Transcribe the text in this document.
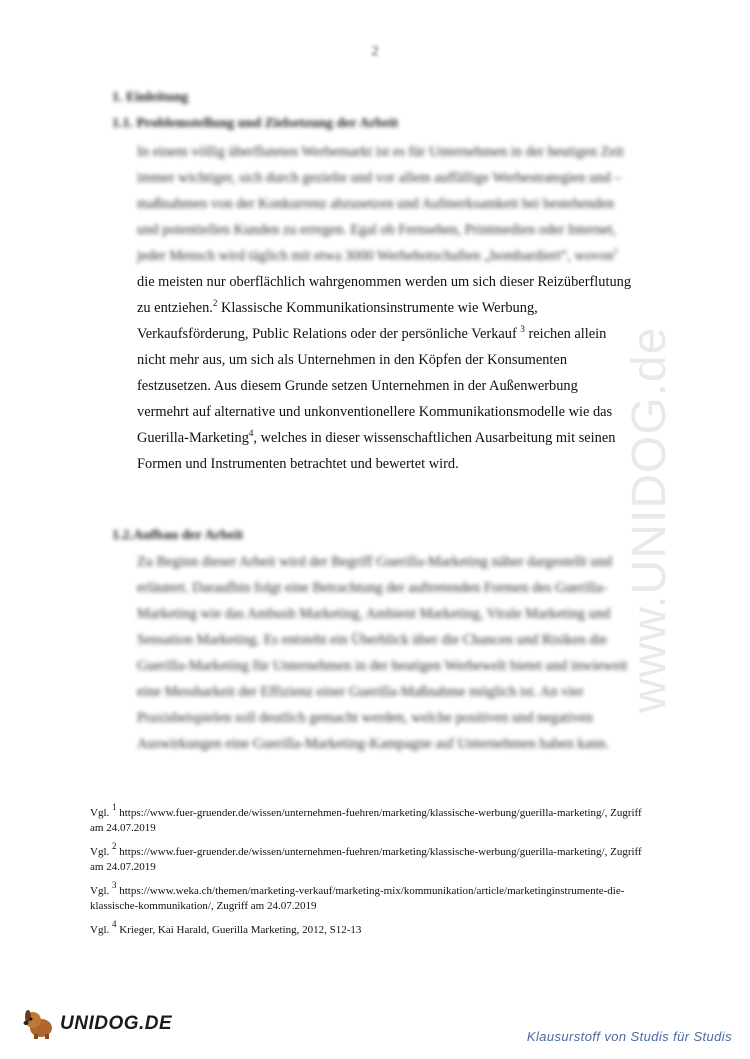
2
1. Einleitung
1.1. Problemstellung und Zielsetzung der Arbeit
In einem völlig überfluteten Werbemarkt ist es für Unternehmen in der heutigen Zeit
immer wichtiger, sich durch gezielte und vor allem auffällige Werbestrategien und –
maßnahmen von der Konkurrenz abzusetzen und Aufmerksamkeit bei bestehenden
und potentiellen Kunden zu erregen. Egal ob Fernsehen, Printmedien oder Internet,
jeder Mensch wird täglich mit etwa 3000 Werbebotschaften „bombardiert“, wovon$^1$
die meisten nur oberflächlich wahrgenommen werden um sich dieser Reizüberflutung
zu entziehen.$^2$ Klassische Kommunikationsinstrumente wie Werbung,
Verkaufsförderung, Public Relations oder der persönliche Verkauf $^3$ reichen allein
nicht mehr aus, um sich als Unternehmen in den Köpfen der Konsumenten
festzusetzen. Aus diesem Grunde setzen Unternehmen in der Außenwerbung
vermehrt auf alternative und unkonventionellere Kommunikationsmodelle wie das
Guerilla-Marketing$^4$, welches in dieser wissenschaftlichen Ausarbeitung mit seinen
Formen und Instrumenten betrachtet und bewertet wird.
1.2.Aufbau der Arbeit
Zu Beginn dieser Arbeit wird der Begriff Guerilla-Marketing näher dargestellt und
erläutert. Daraufhin folgt eine Betrachtung der auftretenden Formen des Guerilla-
Marketing wie das Ambush Marketing, Ambient Marketing, Virale Marketing und
Sensation Marketing. Es entsteht ein Überblick über die Chancen und Risiken die
Guerilla-Marketing für Unternehmen in der heutigen Werbewelt bietet und inwieweit
eine Messbarkeit der Effizienz einer Guerilla-Maßnahme möglich ist. An vier
Praxisbeispielen soll deutlich gemacht werden, welche positiven und negativen
Auswirkungen eine Guerilla-Marketing-Kampagne auf Unternehmen haben kann.
Vgl. $^1$ https://www.fuer-gruender.de/wissen/unternehmen-fuehren/marketing/klassische-werbung/guerilla-marketing/, Zugriff am 24.07.2019
Vgl. $^2$ https://www.fuer-gruender.de/wissen/unternehmen-fuehren/marketing/klassische-werbung/guerilla-marketing/, Zugriff am 24.07.2019
Vgl. $^3$ https://www.weka.ch/themen/marketing-verkauf/marketing-mix/kommunikation/article/marketinginstrumente-die-klassische-kommunikation/, Zugriff am 24.07.2019
Vgl. $^4$ Krieger, Kai Harald, Guerilla Marketing, 2012, S12-13
www.UNIDOG.de
UNIDOG.DE
Klausurstoff von Studis für Studis
